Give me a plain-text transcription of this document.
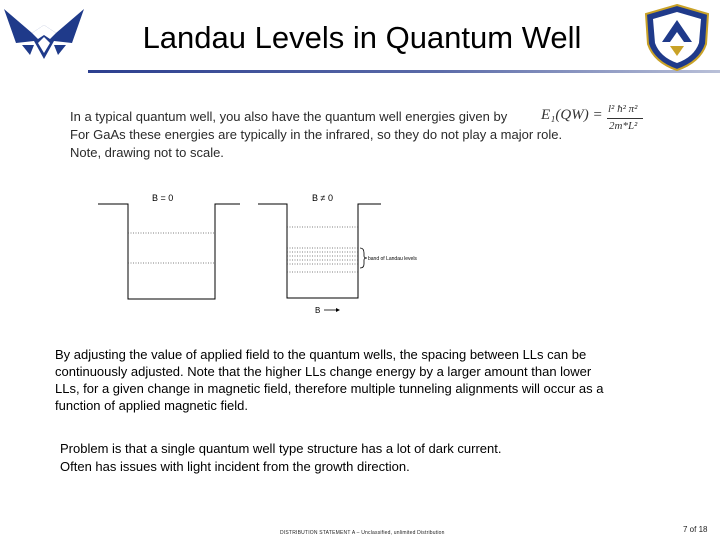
Landau Levels in Quantum Well

In a typical quantum well, you also have the quantum well energies given by

For GaAs these energies are typically in the infrared, so they do not play a major role.

Note, drawing not to scale.

E₁(QW) = l² ħ² π²
2m*L²
B = 0	B ≠ 0
band of Landau levels
B

By adjusting the value of applied field to the quantum wells, the spacing between LLs can be continuously adjusted. Note that the higher LLs change energy by a larger amount than lower LLs, for a given change in magnetic field, therefore multiple tunneling alignments will occur as a function of applied magnetic field.

Problem is that a single quantum well type structure has a lot of dark current.

Often has issues with light incident from the growth direction.

DISTRIBUTION STATEMENT A – Unclassified, unlimited Distribution	7 of 18
